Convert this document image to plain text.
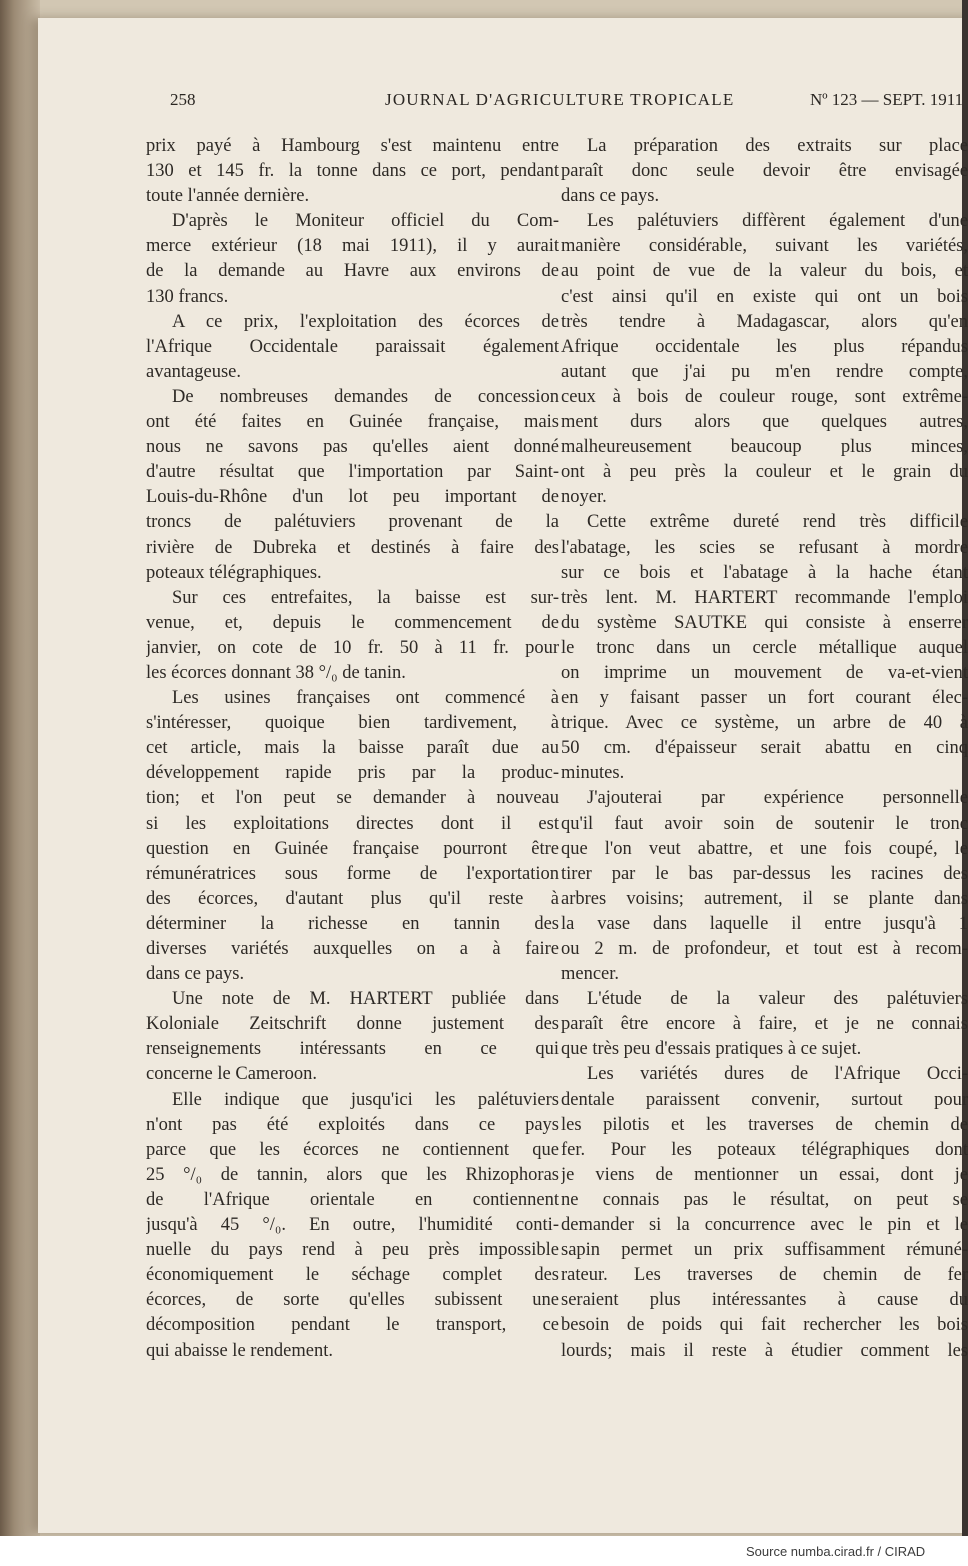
258	JOURNAL D'AGRICULTURE TROPICALE	Nº 123 — SEPT. 1911
prix payé à Hambourg s'est maintenu entre
130 et 145 fr. la tonne dans ce port, pendant
toute l'année dernière.
D'après le Moniteur officiel du Com-
merce extérieur (18 mai 1911), il y aurait
de la demande au Havre aux environs de
130 francs.
A ce prix, l'exploitation des écorces de
l'Afrique Occidentale paraissait également
avantageuse.
De nombreuses demandes de concession
ont été faites en Guinée française, mais
nous ne savons pas qu'elles aient donné
d'autre résultat que l'importation par Saint-
Louis-du-Rhône d'un lot peu important de
troncs de palétuviers provenant de la
rivière de Dubreka et destinés à faire des
poteaux télégraphiques.
Sur ces entrefaites, la baisse est sur-
venue, et, depuis le commencement de
janvier, on cote de 10 fr. 50 à 11 fr. pour
les écorces donnant 38 °/₀ de tanin.
Les usines françaises ont commencé à
s'intéresser, quoique bien tardivement, à
cet article, mais la baisse paraît due au
développement rapide pris par la produc-
tion; et l'on peut se demander à nouveau
si les exploitations directes dont il est
question en Guinée française pourront être
rémunératrices sous forme de l'exportation
des écorces, d'autant plus qu'il reste à
déterminer la richesse en tannin des
diverses variétés auxquelles on a à faire
dans ce pays.
Une note de M. HARTERT publiée dans
Koloniale Zeitschrift donne justement des
renseignements intéressants en ce qui
concerne le Cameroon.
Elle indique que jusqu'ici les palétuviers
n'ont pas été exploités dans ce pays
parce que les écorces ne contiennent que
25 °/₀ de tannin, alors que les Rhizophoras
de l'Afrique orientale en contiennent
jusqu'à 45 °/₀. En outre, l'humidité conti-
nuelle du pays rend à peu près impossible
économiquement le séchage complet des
écorces, de sorte qu'elles subissent une
décomposition pendant le transport, ce
qui abaisse le rendement.
La préparation des extraits sur place
paraît donc seule devoir être envisagée
dans ce pays.
Les palétuviers diffèrent également d'une
manière considérable, suivant les variétés,
au point de vue de la valeur du bois, et
c'est ainsi qu'il en existe qui ont un bois
très tendre à Madagascar, alors qu'en
Afrique occidentale les plus répandus
autant que j'ai pu m'en rendre compte,
ceux à bois de couleur rouge, sont extrême-
ment durs alors que quelques autres,
malheureusement beaucoup plus minces,
ont à peu près la couleur et le grain du
noyer.
Cette extrême dureté rend très difficile
l'abatage, les scies se refusant à mordre
sur ce bois et l'abatage à la hache étant
très lent. M. HARTERT recommande l'emploi
du système SAUTKE qui consiste à enserrer
le tronc dans un cercle métallique auquel
on imprime un mouvement de va-et-vient
en y faisant passer un fort courant élec-
trique. Avec ce système, un arbre de 40 à
50 cm. d'épaisseur serait abattu en cinq
minutes.
J'ajouterai par expérience personnelle
qu'il faut avoir soin de soutenir le tronc
que l'on veut abattre, et une fois coupé, le
tirer par le bas par-dessus les racines des
arbres voisins; autrement, il se plante dans
la vase dans laquelle il entre jusqu'à 1
ou 2 m. de profondeur, et tout est à recom-
mencer.
L'étude de la valeur des palétuviers
paraît être encore à faire, et je ne connais
que très peu d'essais pratiques à ce sujet.
Les variétés dures de l'Afrique Occi-
dentale paraissent convenir, surtout pour
les pilotis et les traverses de chemin de
fer. Pour les poteaux télégraphiques dont
je viens de mentionner un essai, dont je
ne connais pas le résultat, on peut se
demander si la concurrence avec le pin et le
sapin permet un prix suffisamment rémuné-
rateur. Les traverses de chemin de fer
seraient plus intéressantes à cause du
besoin de poids qui fait rechercher les bois
lourds; mais il reste à étudier comment les
Source numba.cirad.fr / CIRAD
